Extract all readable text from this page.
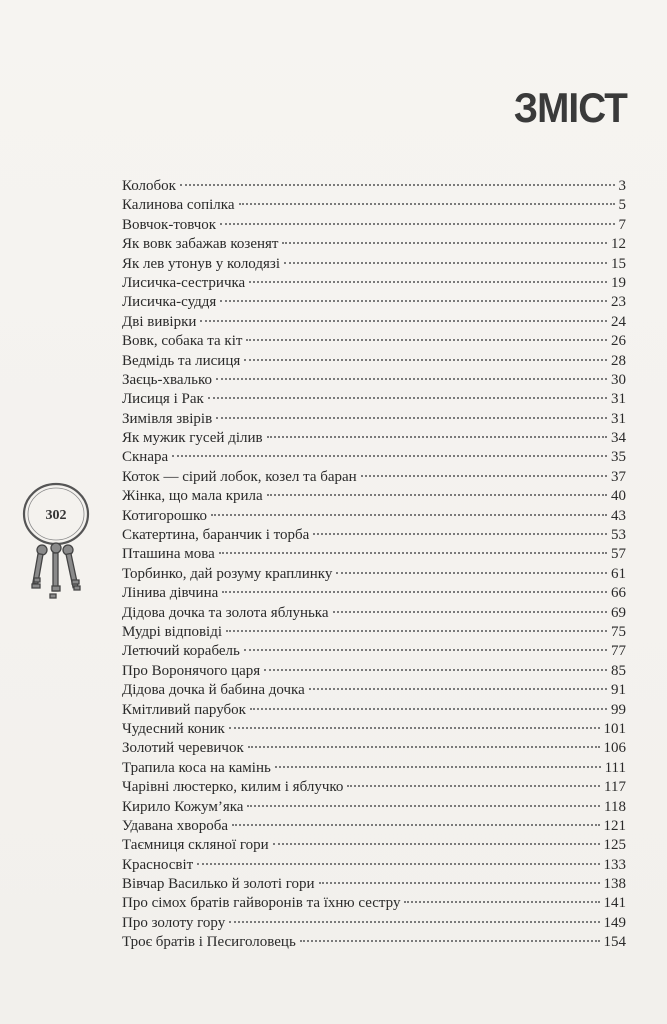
ЗМІСТ
302
Колобок	3
Калинова сопілка	5
Вовчок-товчок	7
Як вовк забажав козенят	12
Як лев утонув у колодязі	15
Лисичка-сестричка	19
Лисичка-суддя	23
Дві вивірки	24
Вовк, собака та кіт	26
Ведмідь та лисиця	28
Заєць-хвалько	30
Лисиця і Рак	31
Зимівля звірів	31
Як мужик гусей ділив	34
Скнара	35
Коток — сірий лобок, козел та баран	37
Жінка, що мала крила	40
Котигорошко	43
Скатертина, баранчик і торба	53
Пташина мова	57
Торбинко, дай розуму краплинку	61
Лінива дівчина	66
Дідова дочка та золота яблунька	69
Мудрі відповіді	75
Летючий корабель	77
Про Воронячого царя	85
Дідова дочка й бабина дочка	91
Кмітливий парубок	99
Чудесний коник	101
Золотий черевичок	106
Трапила коса на камінь	111
Чарівні люстерко, килим і яблучко	117
Кирило Кожум’яка	118
Удавана хвороба	121
Таємниця скляної гори	125
Красносвіт	133
Вівчар Василько й золоті гори	138
Про сімох братів гайворонів та їхню сестру	141
Про золоту гору	149
Троє братів і Песиголовець	154
